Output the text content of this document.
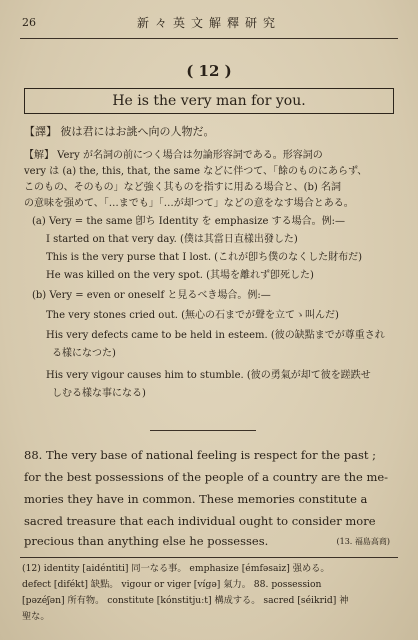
26	新々英文解釋研究
( 12 )
He is the very man for you.
【譯】 彼は君にはお誂へ向の人物だ。
【解】 Very が名詞の前につく場合は勿論形容詞である。形容詞の
very は (a) the, this, that, the same などに伴つて、「餘のものにあらず、
このもの、そのもの」など強く其ものを指すに用ゐる場合と、(b) 名詞
の意味を强めて、「…までも」「…が却つて」などの意をなす場合とある。
(a) Very = the same 卽ち Identity を emphasize する場合。例:—
I started on that very day. (僕は其當日直樣出發した)
This is the very purse that I lost. (これが卽ち僕のなくした財布だ)
He was killed on the very spot. (其場を離れず卽死した)
(b) Very = even or oneself と見るべき場合。例:—
The very stones cried out. (無心の石までが聲を立てゝ叫んだ)
His very defects came to be held in esteem. (彼の缺點までが尊重され
る樣になつた)
His very vigour causes him to stumble. (彼の勇氣が却て彼を蹉跌せ
しむる樣な事になる)
88. The very base of national feeling is respect for the past ;
for the best possessions of the people of a country are the me-
mories they have in common. These memories constitute a
sacred treasure that each individual ought to consider more
precious than anything else he possesses.	(13. 福島高商)
(12) identity [aidéntiti] 同一なる事。 emphasize [émfəsaiz] 强める。
defect [difékt] 缺點。 vigour or viger [vígə] 氣力。 88. possession
[pəzéʃən] 所有物。 constitute [kónstitjuːt] 構成する。 sacred [séikrid] 神
聖な。
